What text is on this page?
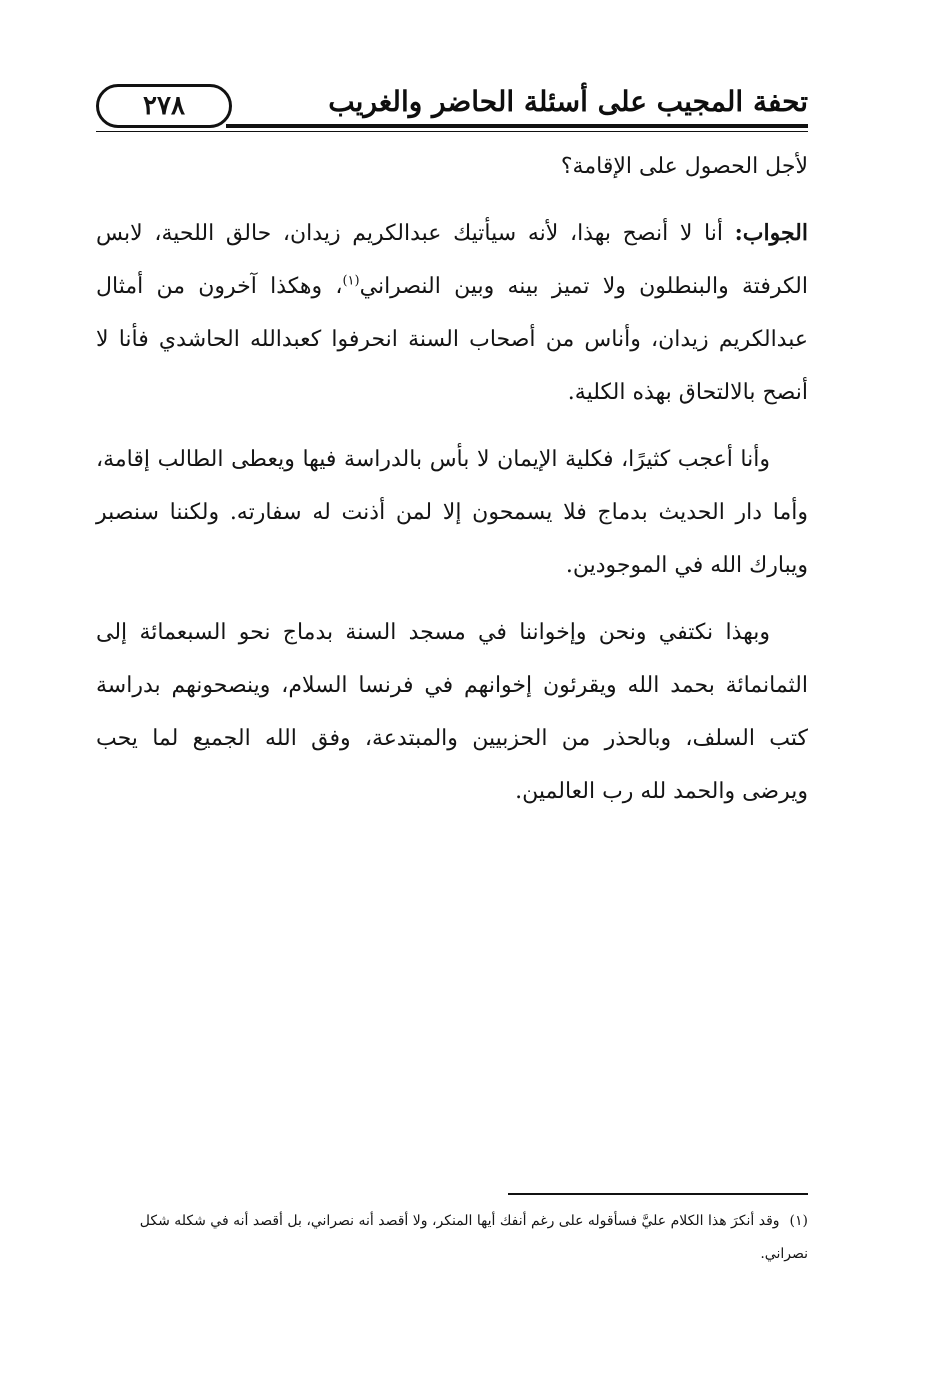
تحفة المجيب على أسئلة الحاضر والغريب
٢٧٨

لأجل الحصول على الإقامة؟

الجواب: أنا لا أنصح بهذا، لأنه سيأتيك عبدالكريم زيدان، حالق اللحية، لابس الكرفتة والبنطلون ولا تميز بينه وبين النصراني$^{(١)}$، وهكذا آخرون من أمثال عبدالكريم زيدان، وأناس من أصحاب السنة انحرفوا كعبدالله الحاشدي فأنا لا أنصح بالالتحاق بهذه الكلية.

وأنا أعجب كثيرًا، فكلية الإيمان لا بأس بالدراسة فيها ويعطى الطالب إقامة، وأما دار الحديث بدماج فلا يسمحون إلا لمن أذنت له سفارته. ولكننا سنصبر ويبارك الله في الموجودين.

وبهذا نكتفي ونحن وإخواننا في مسجد السنة بدماج نحو السبعمائة إلى الثمانمائة بحمد الله ويقرئون إخوانهم في فرنسا السلام، وينصحونهم بدراسة كتب السلف، وبالحذر من الحزبيين والمبتدعة، وفق الله الجميع لما يحب ويرضى والحمد لله رب العالمين.

(١)وقد أنكرَ هذا الكلام عليَّ فسأقوله على رغم أنفك أيها المنكر، ولا أقصد أنه نصراني، بل أقصد أنه في شكله شكل نصراني.
